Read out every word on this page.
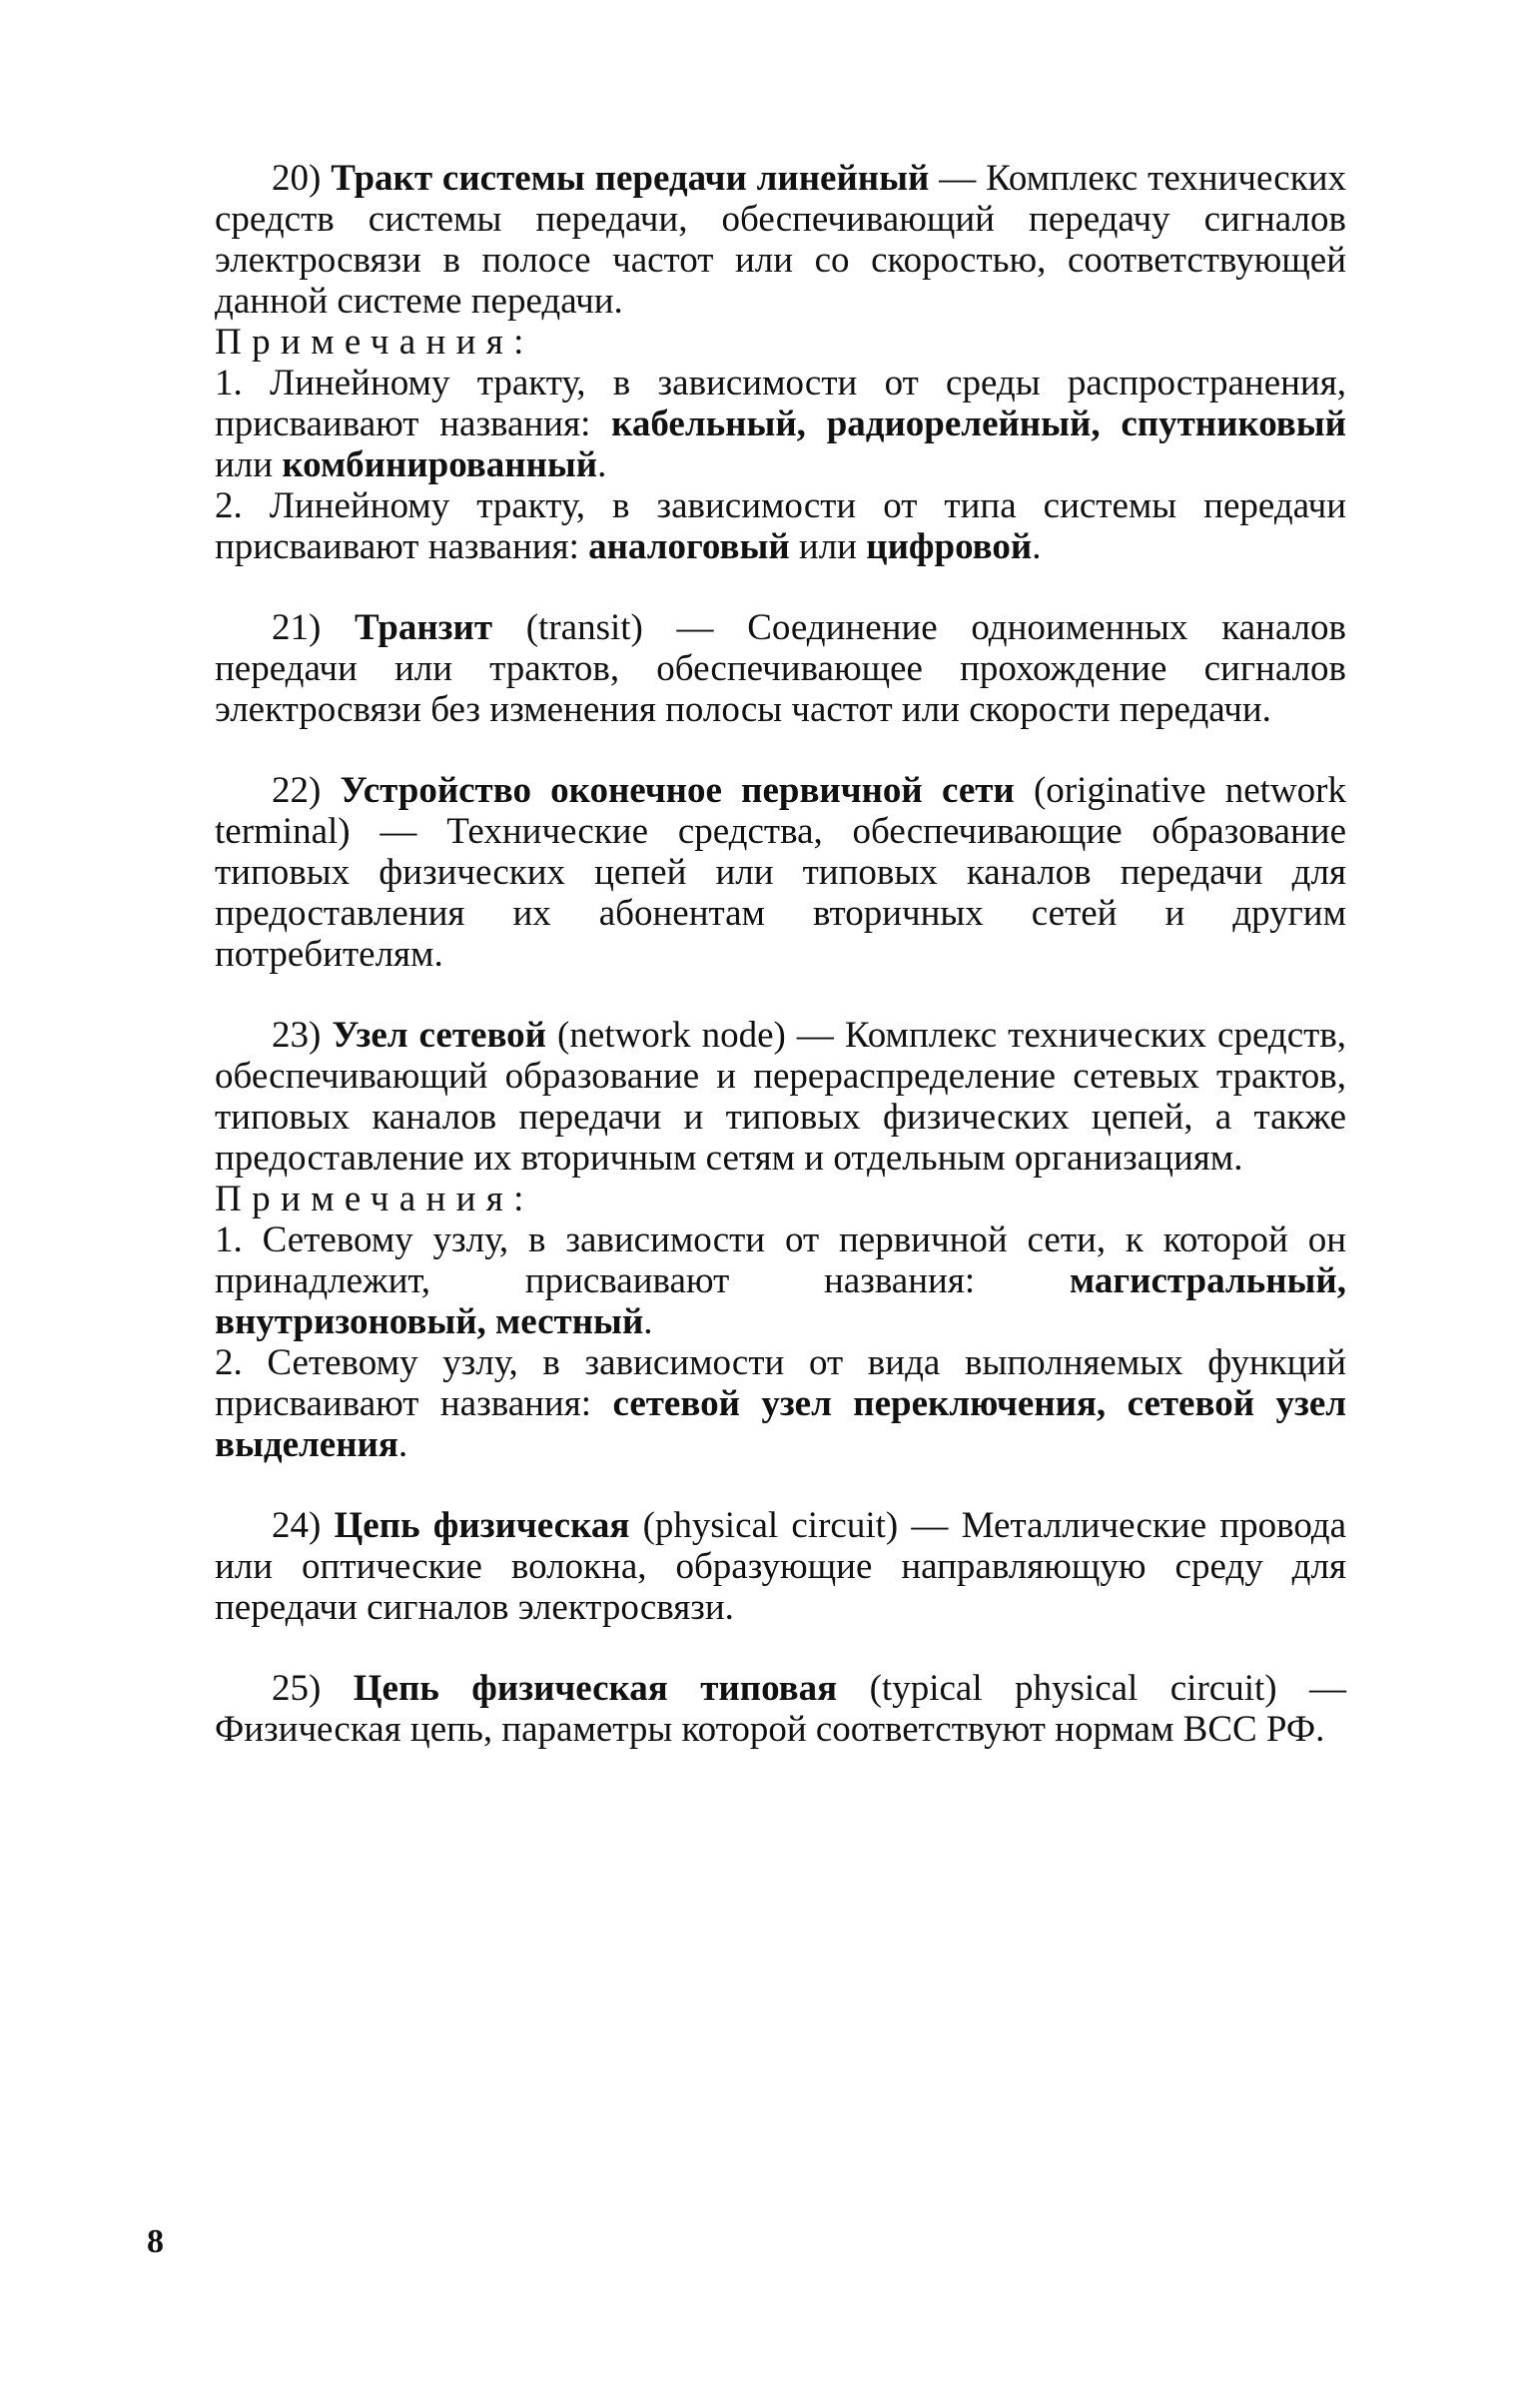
20) Тракт системы передачи линейный — Комплекс технических средств системы передачи, обеспечивающий передачу сигналов электросвязи в полосе частот или со скоростью, соответствующей данной системе передачи.

Примечания:

1. Линейному тракту, в зависимости от среды распространения, присваивают названия: кабельный, радиорелейный, спутниковый или комбинированный.

2. Линейному тракту, в зависимости от типа системы передачи присваивают названия: аналоговый или цифровой.

21) Транзит (transit) — Соединение одноименных каналов передачи или трактов, обеспечивающее прохождение сигналов электросвязи без изменения полосы частот или скорости передачи.

22) Устройство оконечное первичной сети (originative network terminal) — Технические средства, обеспечивающие образование типовых физических цепей или типовых каналов передачи для предоставления их абонентам вторичных сетей и другим потребителям.

23) Узел сетевой (network node) — Комплекс технических средств, обеспечивающий образование и перераспределение сетевых трактов, типовых каналов передачи и типовых физических цепей, а также предоставление их вторичным сетям и отдельным организациям.

Примечания:

1. Сетевому узлу, в зависимости от первичной сети, к которой он принадлежит, присваивают названия: магистральный, внутризоновый, местный.

2. Сетевому узлу, в зависимости от вида выполняемых функций присваивают названия: сетевой узел переключения, сетевой узел выделения.

24) Цепь физическая (physical circuit) — Металлические провода или оптические волокна, образующие направляющую среду для передачи сигналов электросвязи.

25) Цепь физическая типовая (typical physical circuit) — Физическая цепь, параметры которой соответствуют нормам ВСС РФ.

8
